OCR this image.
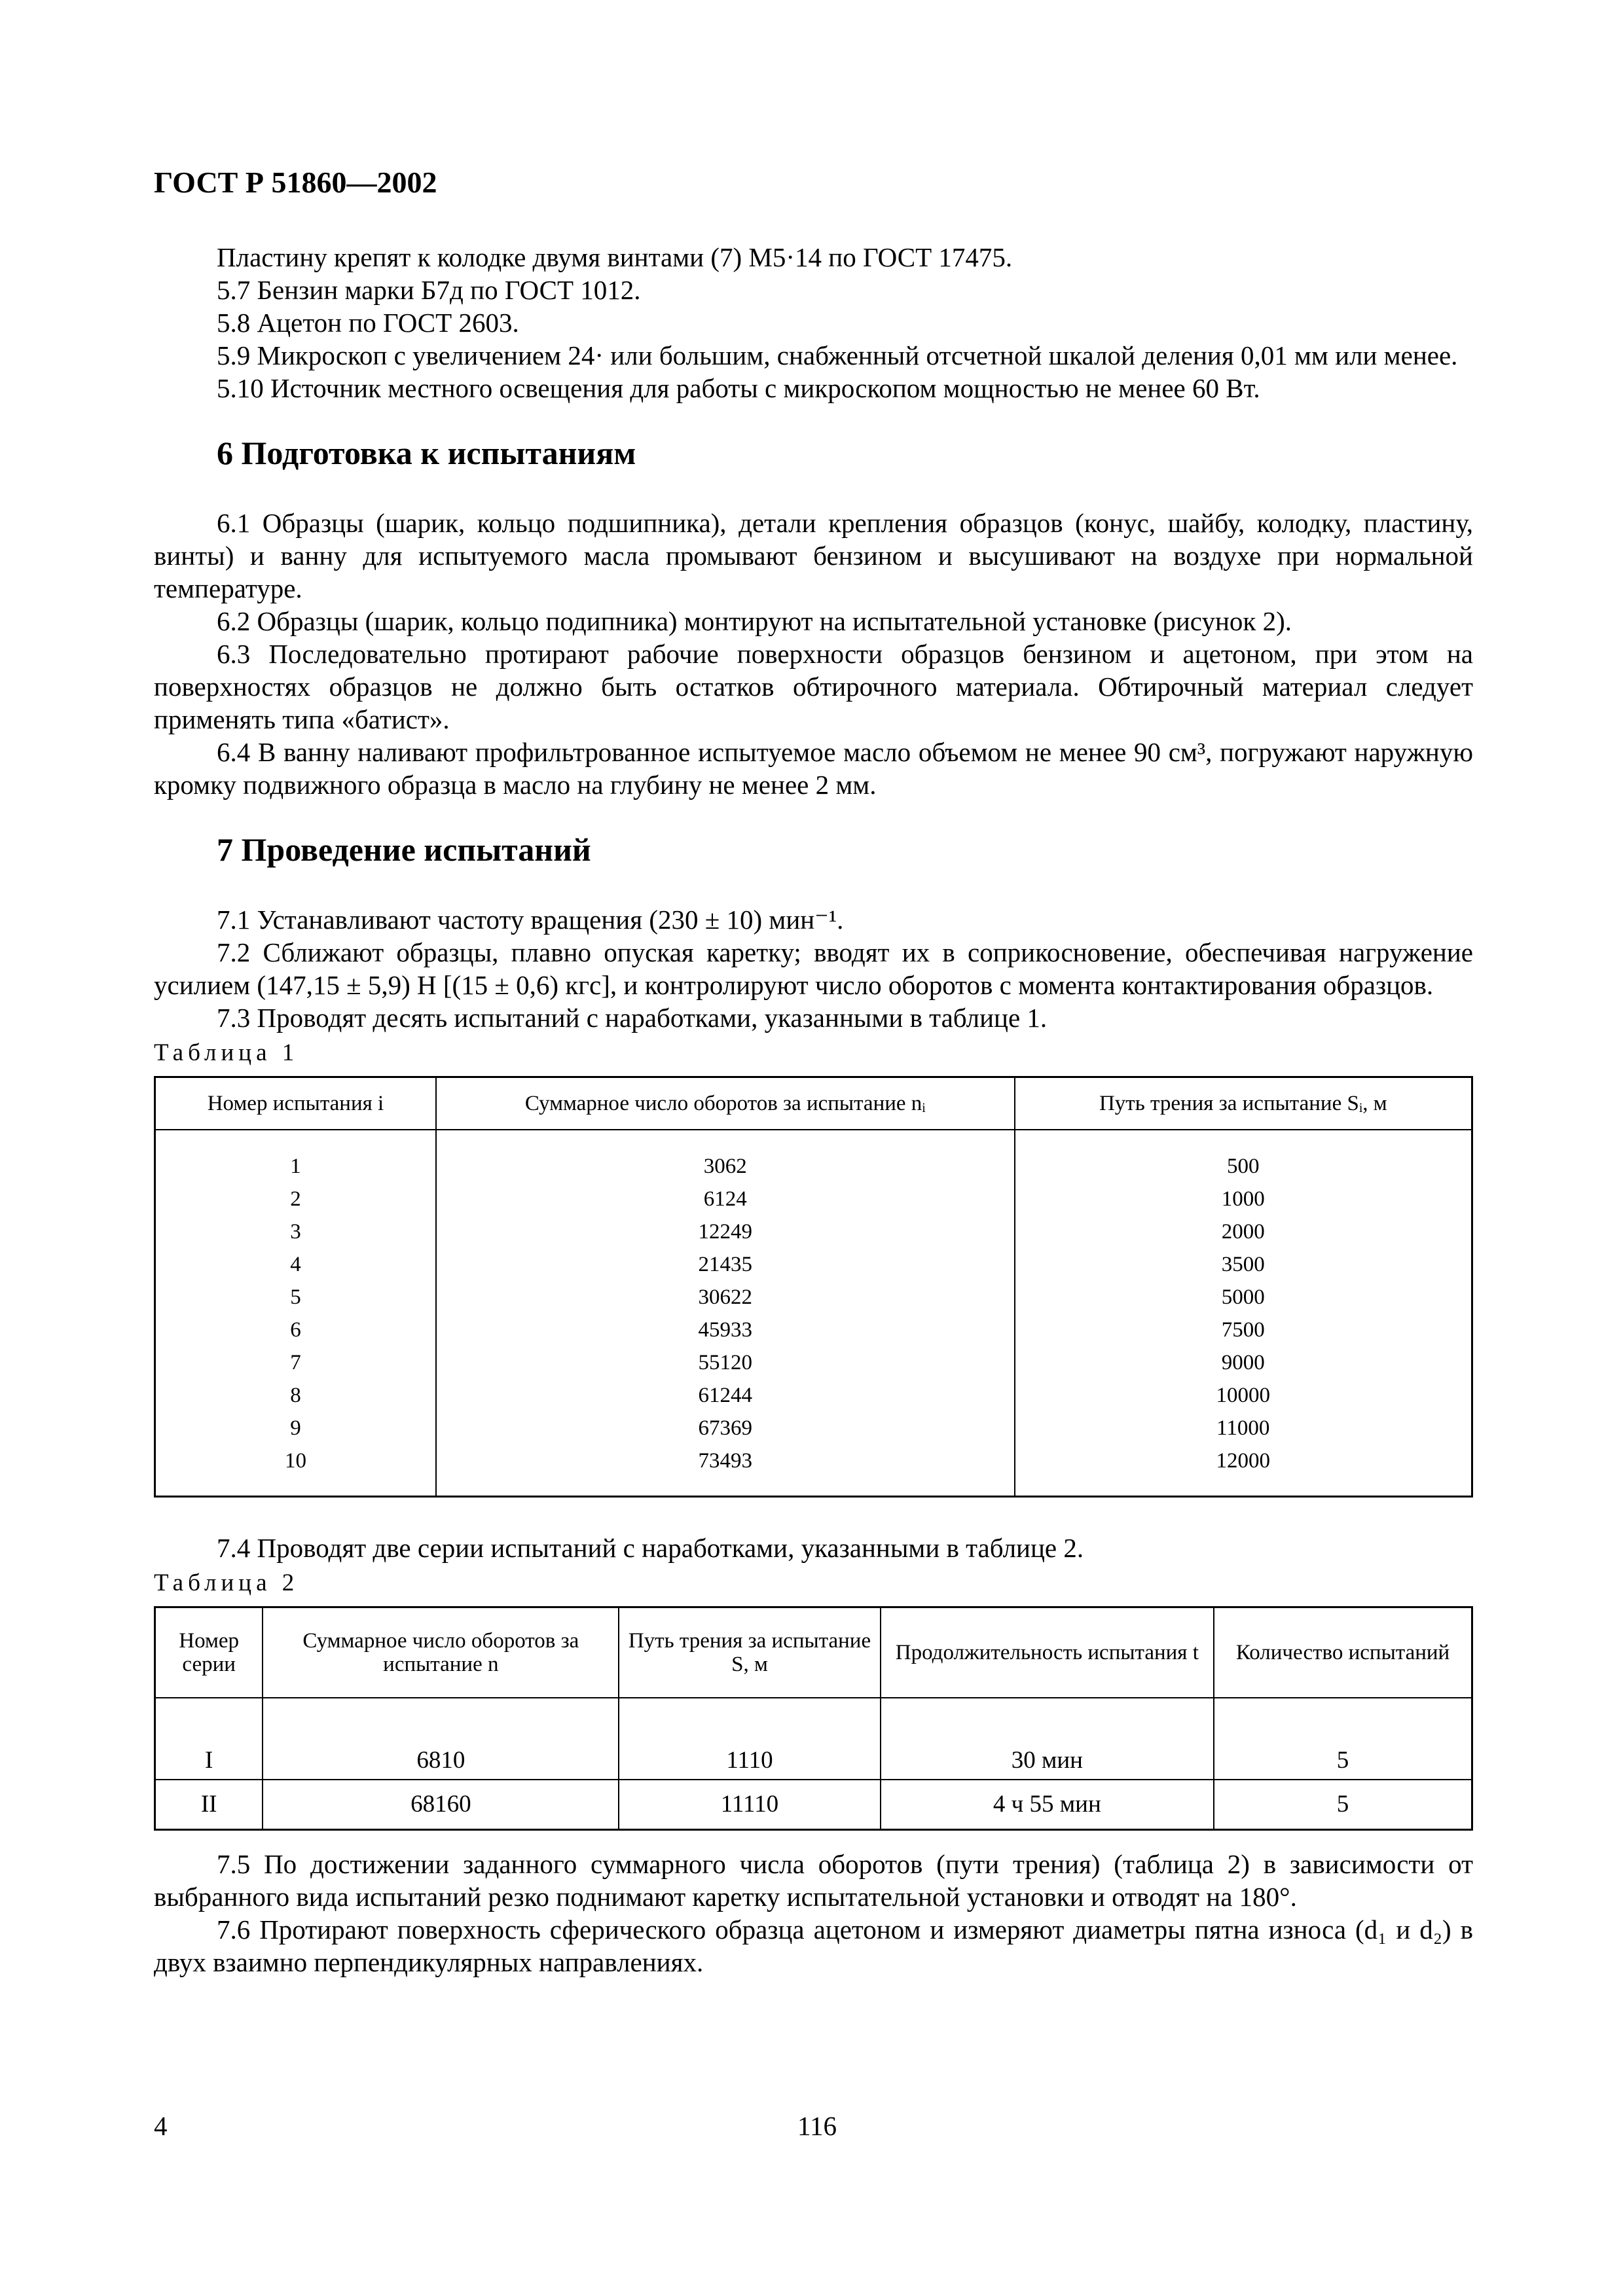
ГОСТ Р 51860—2002

Пластину крепят к колодке двумя винтами (7) М5·14 по ГОСТ 17475.

5.7 Бензин марки Б7д по ГОСТ 1012.

5.8 Ацетон по ГОСТ 2603.

5.9 Микроскоп с увеличением 24· или большим, снабженный отсчетной шкалой деления 0,01 мм или менее.

5.10 Источник местного освещения для работы с микроскопом мощностью не менее 60 Вт.

6 Подготовка к испытаниям

6.1 Образцы (шарик, кольцо подшипника), детали крепления образцов (конус, шайбу, колодку, пластину, винты) и ванну для испытуемого масла промывают бензином и высушивают на воздухе при нормальной температуре.

6.2 Образцы (шарик, кольцо подипника) монтируют на испытательной установке (рисунок 2).

6.3 Последовательно протирают рабочие поверхности образцов бензином и ацетоном, при этом на поверхностях образцов не должно быть остатков обтирочного материала. Обтирочный материал следует применять типа «батист».

6.4 В ванну наливают профильтрованное испытуемое масло объемом не менее 90 см³, погружают наружную кромку подвижного образца в масло на глубину не менее 2 мм.

7 Проведение испытаний

7.1 Устанавливают частоту вращения (230 ± 10) мин⁻¹.

7.2 Сближают образцы, плавно опуская каретку; вводят их в соприкосновение, обеспечивая нагружение усилием (147,15 ± 5,9) Н [(15 ± 0,6) кгс], и контролируют число оборотов с момента контактирования образцов.

7.3 Проводят десять испытаний с наработками, указанными в таблице 1.

Таблица 1
Номер испытания i	Суммарное число оборотов за испытание nᵢ	Путь трения за испытание Sᵢ, м
1	3062	500
2	6124	1000
3	12249	2000
4	21435	3500
5	30622	5000
6	45933	7500
7	55120	9000
8	61244	10000
9	67369	11000
10	73493	12000

7.4 Проводят две серии испытаний с наработками, указанными в таблице 2.

Таблица 2
Номер серии	Суммарное число оборотов за испытание n	Путь трения за испытание S, м	Продолжительность испытания t	Количество испытаний
I	6810	1110	30 мин	5
II	68160	11110	4 ч 55 мин	5

7.5 По достижении заданного суммарного числа оборотов (пути трения) (таблица 2) в зависимости от выбранного вида испытаний резко поднимают каретку испытательной установки и отводят на 180°.

7.6 Протирают поверхность сферического образца ацетоном и измеряют диаметры пятна износа (d₁ и d₂) в двух взаимно перпендикулярных направлениях.

4	116
